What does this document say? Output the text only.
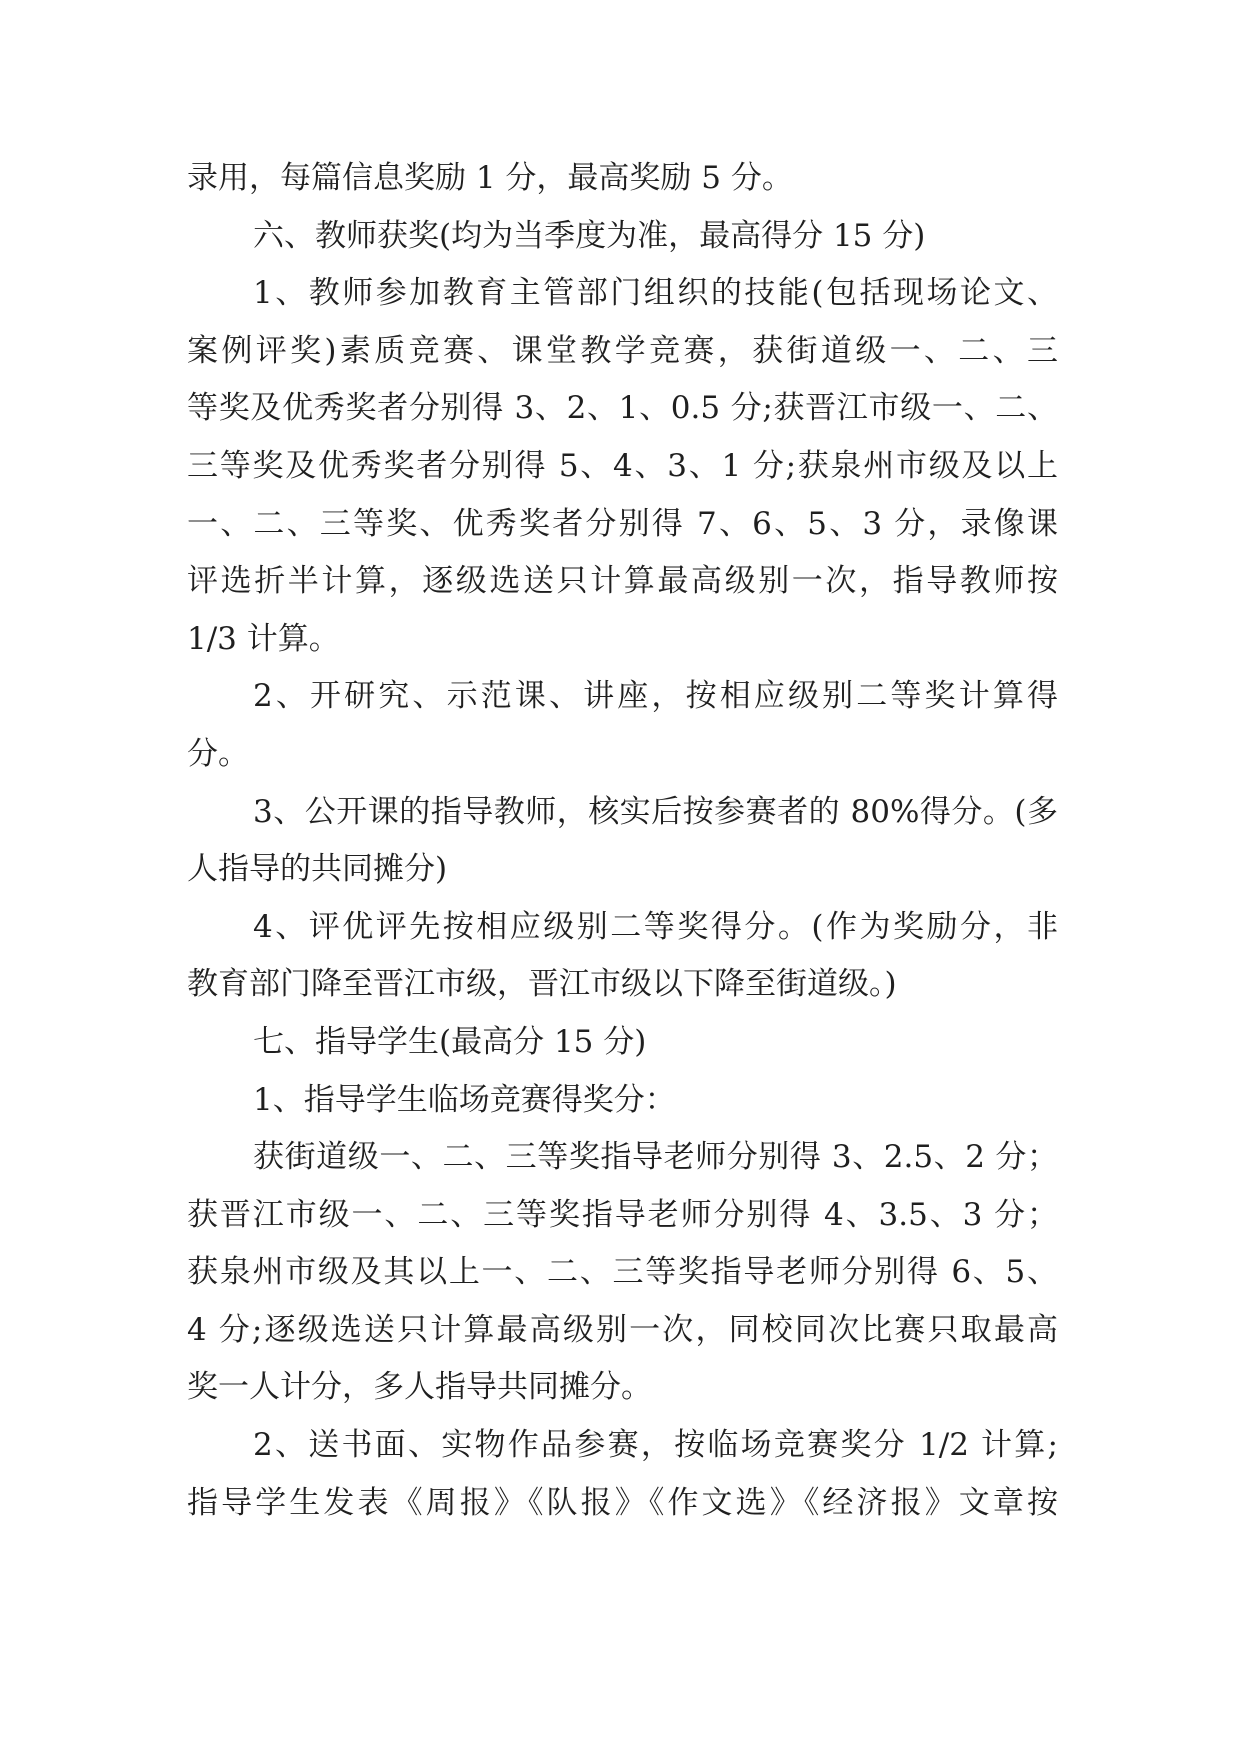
录用，每篇信息奖励 1 分，最高奖励 5 分。
六、教师获奖(均为当季度为准，最高得分 15 分)
1、教师参加教育主管部门组织的技能(包括现场论文、
案例评奖)素质竞赛、课堂教学竞赛，获街道级一、二、三
等奖及优秀奖者分别得 3、2、1、0.5 分;获晋江市级一、二、
三等奖及优秀奖者分别得 5、4、3、1 分;获泉州市级及以上
一、二、三等奖、优秀奖者分别得 7、6、5、3 分，录像课
评选折半计算，逐级选送只计算最高级别一次，指导教师按
1/3 计算。
2、开研究、示范课、讲座，按相应级别二等奖计算得
分。
3、公开课的指导教师，核实后按参赛者的 80%得分。(多
人指导的共同摊分)
4、评优评先按相应级别二等奖得分。(作为奖励分，非
教育部门降至晋江市级，晋江市级以下降至街道级。)
七、指导学生(最高分 15 分)
1、指导学生临场竞赛得奖分：
获街道级一、二、三等奖指导老师分别得 3、2.5、2 分；
获晋江市级一、二、三等奖指导老师分别得 4、3.5、3 分；
获泉州市级及其以上一、二、三等奖指导老师分别得 6、5、
4 分;逐级选送只计算最高级别一次，同校同次比赛只取最高
奖一人计分，多人指导共同摊分。
2、送书面、实物作品参赛，按临场竞赛奖分 1/2 计算;
指导学生发表《周报》《队报》《作文选》《经济报》文章按
